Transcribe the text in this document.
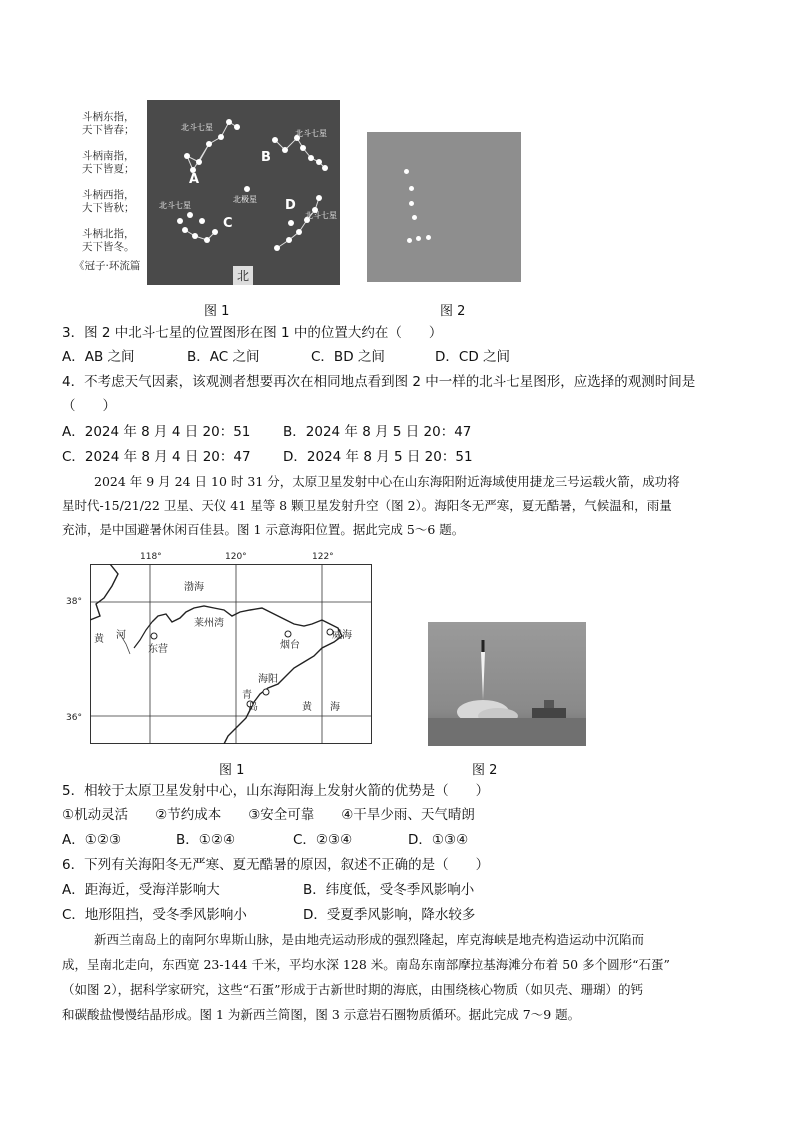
斗柄东指，
天下皆春；
斗柄南指，
天下皆夏；
斗柄西指，
大下皆秋；
斗柄北指，
天下皆冬。
《冠子·环流篇
北斗七星
北斗七星
北斗七星
北斗七星
北极星
A
B
C
D
北
图 1	图 2
3．图 2 中北斗七星的位置图形在图 1 中的位置大约在（　　）
A．AB 之间	B．AC 之间	C．BD 之间	D．CD 之间
4．不考虑天气因素，该观测者想要再次在相同地点看到图 2 中一样的北斗七星图形，应选择的观测时间是
（　　）
A．2024 年 8 月 4 日 20：51 B．2024 年 8 月 5 日 20：47
C．2024 年 8 月 4 日 20：47 D．2024 年 8 月 5 日 20：51
2024 年 9 月 24 日 10 时 31 分，太原卫星发射中心在山东海阳附近海域使用捷龙三号运载火箭，成功将
星时代-15/21/22 卫星、天仪 41 星等 8 颗卫星发射升空（图 2）。海阳冬无严寒，夏无酷暑，气候温和，雨量
充沛，是中国避暑休闲百佳县。图 1 示意海阳位置。据此完成 5～6 题。
118°	120°	122°
38°
36°
渤海
莱州湾
黄 河
东营	烟台
威海
海阳
青
岛	黄 海
图 1	图 2
5．相较于太原卫星发射中心，山东海阳海上发射火箭的优势是（　　）
①机动灵活　　②节约成本　　③安全可靠　　④干旱少雨、天气晴朗
A．①②③	B．①②④	C．②③④	D．①③④
6．下列有关海阳冬无严寒、夏无酷暑的原因，叙述不正确的是（　　）
A．距海近，受海洋影响大	B．纬度低，受冬季风影响小
C．地形阻挡，受冬季风影响小	D．受夏季风影响，降水较多
新西兰南岛上的南阿尔卑斯山脉，是由地壳运动形成的强烈隆起，库克海峡是地壳构造运动中沉陷而
成，呈南北走向，东西宽 23-144 千米，平均水深 128 米。南岛东南部摩拉基海滩分布着 50 多个圆形“石蛋”
（如图 2），据科学家研究，这些“石蛋”形成于古新世时期的海底，由围绕核心物质（如贝壳、珊瑚）的钙
和碳酸盐慢慢结晶形成。图 1 为新西兰简图，图 3 示意岩石圈物质循环。据此完成 7～9 题。
